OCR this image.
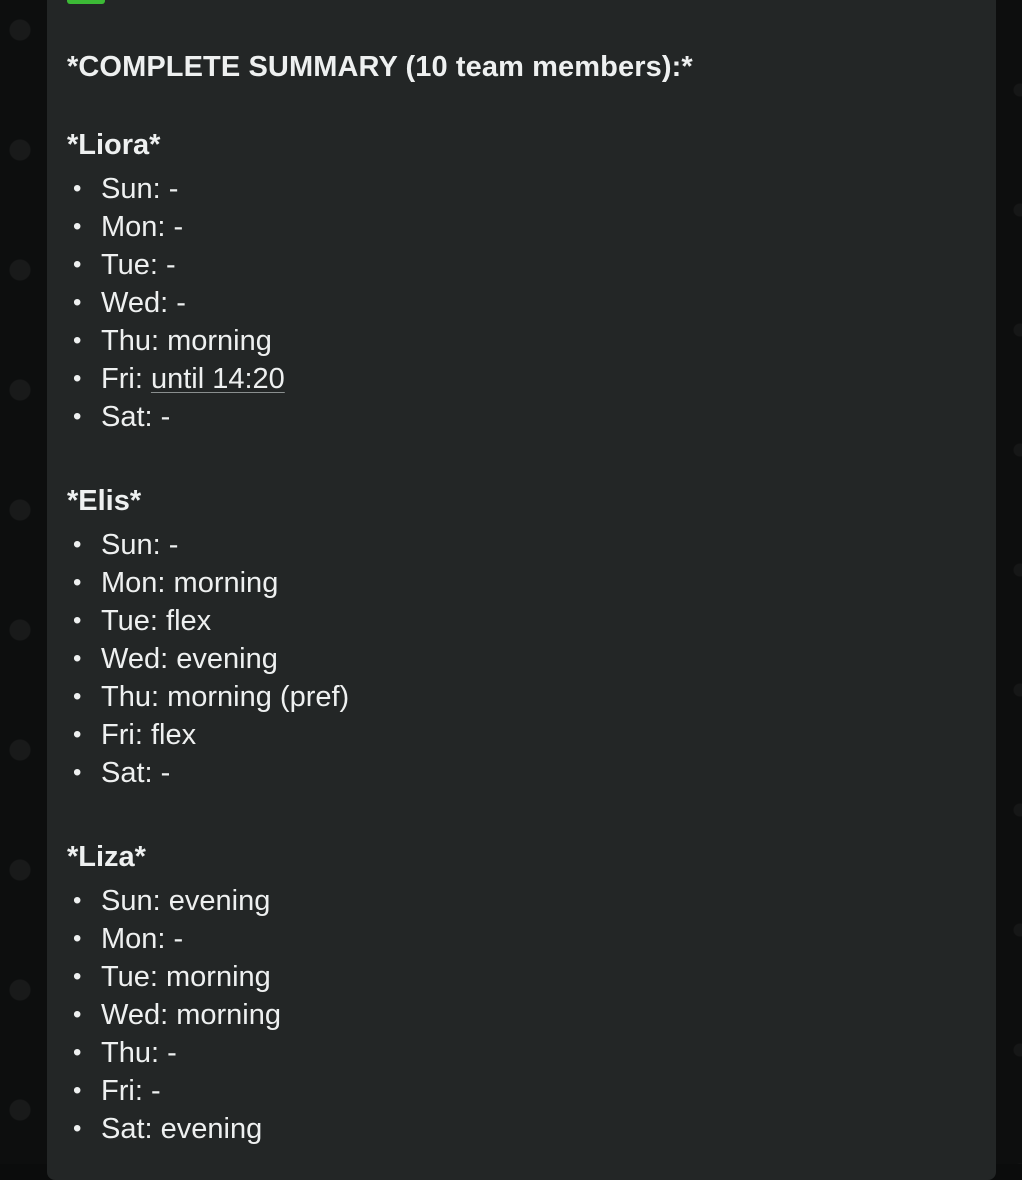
*COMPLETE SUMMARY (10 team members):*
*Liora*
• Sun: -
• Mon: -
• Tue: -
• Wed: -
• Thu: morning
• Fri: until 14:20
• Sat: -
*Elis*
• Sun: -
• Mon: morning
• Tue: flex
• Wed: evening
• Thu: morning (pref)
• Fri: flex
• Sat: -
*Liza*
• Sun: evening
• Mon: -
• Tue: morning
• Wed: morning
• Thu: -
• Fri: -
• Sat: evening
